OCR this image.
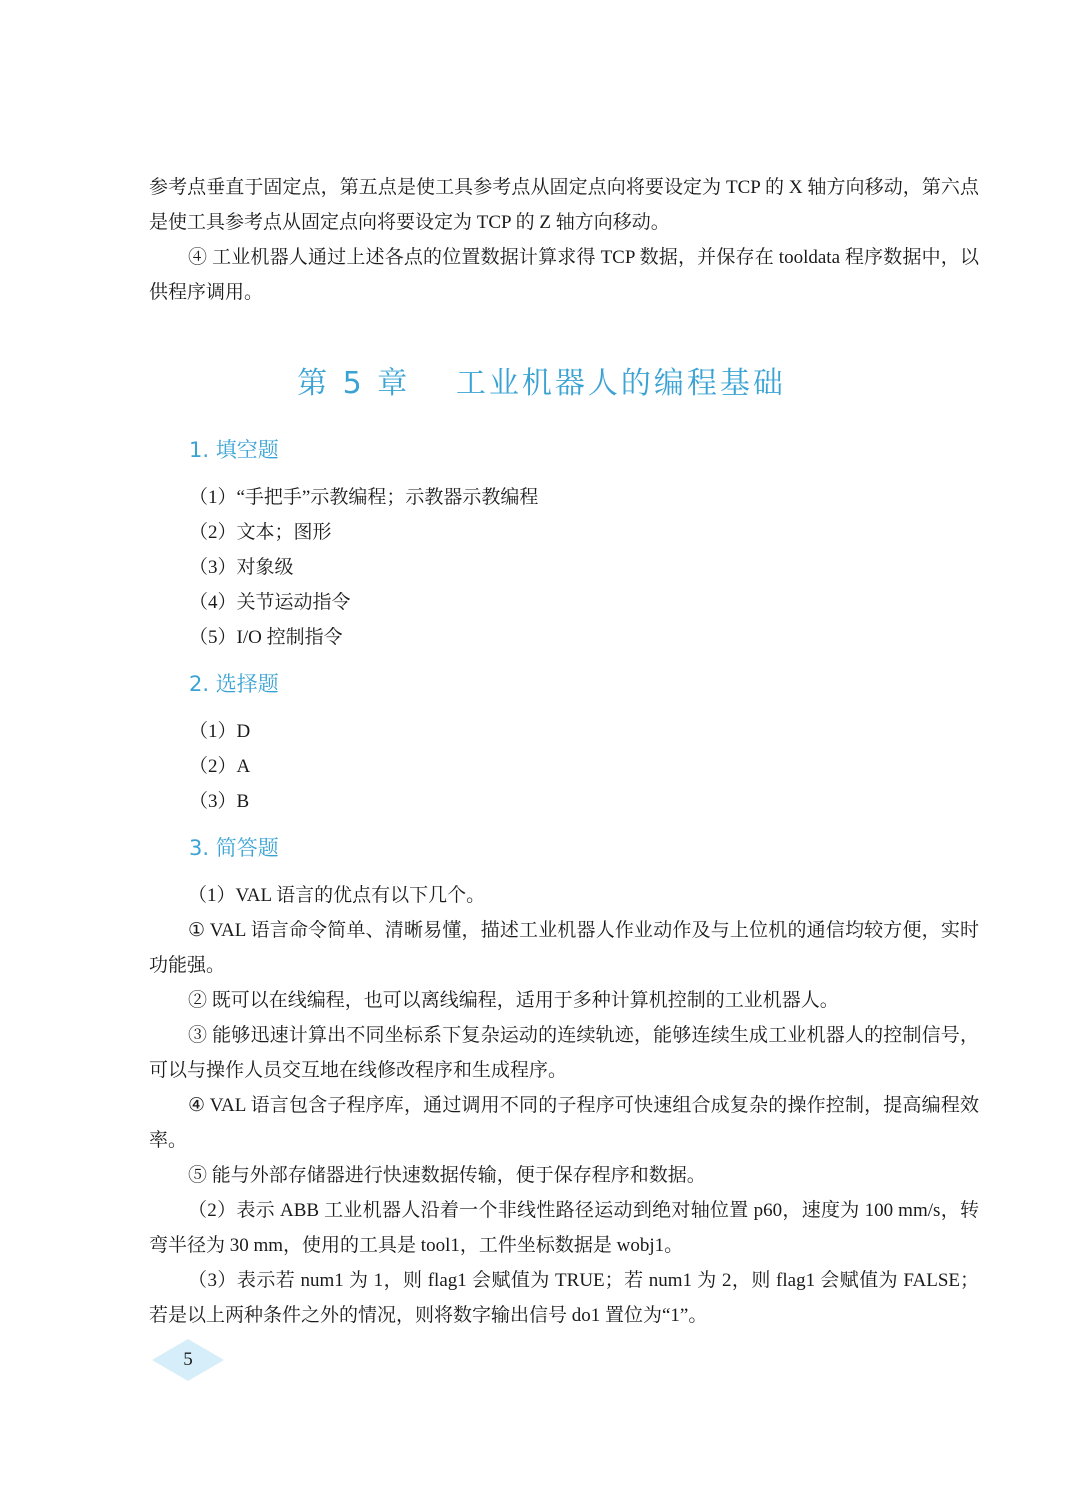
参考点垂直于固定点，第五点是使工具参考点从固定点向将要设定为 TCP 的 X 轴方向移动，第六点是使工具参考点从固定点向将要设定为 TCP 的 Z 轴方向移动。

④ 工业机器人通过上述各点的位置数据计算求得 TCP 数据，并保存在 tooldata 程序数据中，以供程序调用。

第 5 章　 工业机器人的编程基础

1. 填空题

（1）“手把手”示教编程；示教器示教编程

（2）文本；图形

（3）对象级

（4）关节运动指令

（5）I/O 控制指令

2. 选择题

（1）D

（2）A

（3）B

3. 简答题

（1）VAL 语言的优点有以下几个。

① VAL 语言命令简单、清晰易懂，描述工业机器人作业动作及与上位机的通信均较方便，实时功能强。

② 既可以在线编程，也可以离线编程，适用于多种计算机控制的工业机器人。

③ 能够迅速计算出不同坐标系下复杂运动的连续轨迹，能够连续生成工业机器人的控制信号，可以与操作人员交互地在线修改程序和生成程序。

④ VAL 语言包含子程序库，通过调用不同的子程序可快速组合成复杂的操作控制，提高编程效率。

⑤ 能与外部存储器进行快速数据传输，便于保存程序和数据。

（2）表示 ABB 工业机器人沿着一个非线性路径运动到绝对轴位置 p60，速度为 100 mm/s，转弯半径为 30 mm，使用的工具是 tool1，工件坐标数据是 wobj1。

（3）表示若 num1 为 1，则 flag1 会赋值为 TRUE；若 num1 为 2，则 flag1 会赋值为 FALSE；若是以上两种条件之外的情况，则将数字输出信号 do1 置位为“1”。

5
